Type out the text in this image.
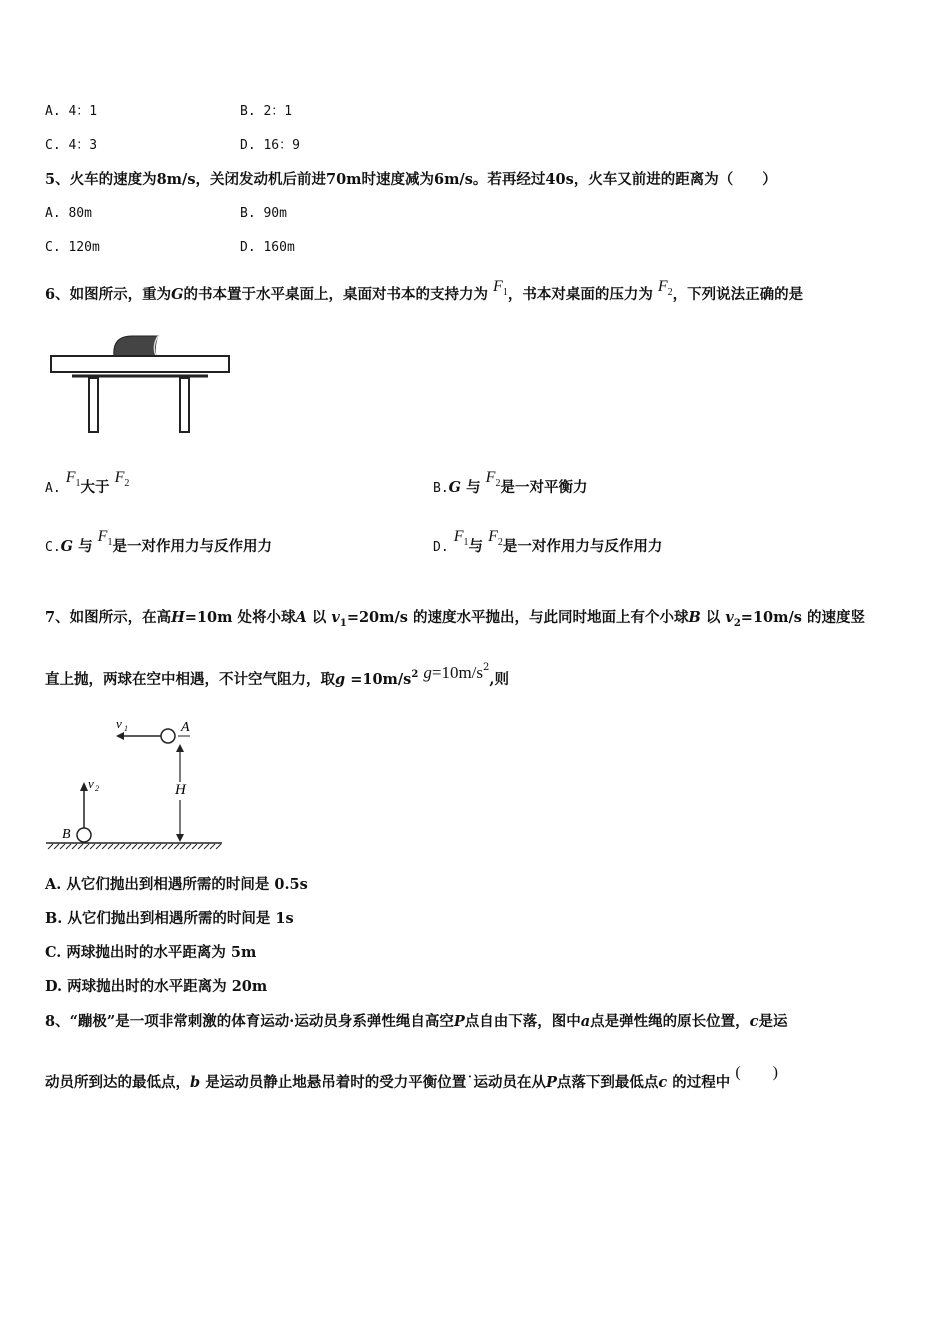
A. 4：1	B. 2：1
C. 4：3	D. 16：9
5、火车的速度为8m/s，关闭发动机后前进70m时速度减为6m/s。若再经过40s，火车又前进的距离为（　　）
A. 80m	B. 90m
C. 120m	D. 160m
6、如图所示，重为G的书本置于水平桌面上，桌面对书本的支持力为 $F_1$，书本对桌面的压力为 $F_2$，下列说法正确的是
A. $F_1$大于 $F_2$	B.G 与 $F_2$是一对平衡力
C.G 与 $F_1$是一对作用力与反作用力	D. $F_1$与 $F_2$是一对作用力与反作用力
7、如图所示，在高H=10m 处将小球A 以 $v_1=20m/s$ 的速度水平抛出，与此同时地面上有个小球B 以 $v_2=10m/s$ 的速度竖
直上抛，两球在空中相遇，不计空气阻力，取$g =10m/s^2$ $g=10m/s^2$,则
v 1	A
H
v 2
B
A. 从它们抛出到相遇所需的时间是 0.5s
B. 从它们抛出到相遇所需的时间是 1s
C. 两球抛出时的水平距离为 5m
D. 两球抛出时的水平距离为 20m
8、“蹦极”是一项非常刺激的体育运动·运动员身系弹性绳自高空P点自由下落，图中a点是弹性绳的原长位置，c是运
动员所到达的最低点，b 是运动员静止地悬吊着时的受力平衡位置˙运动员在从P点落下到最低点c 的过程中 (　　)
